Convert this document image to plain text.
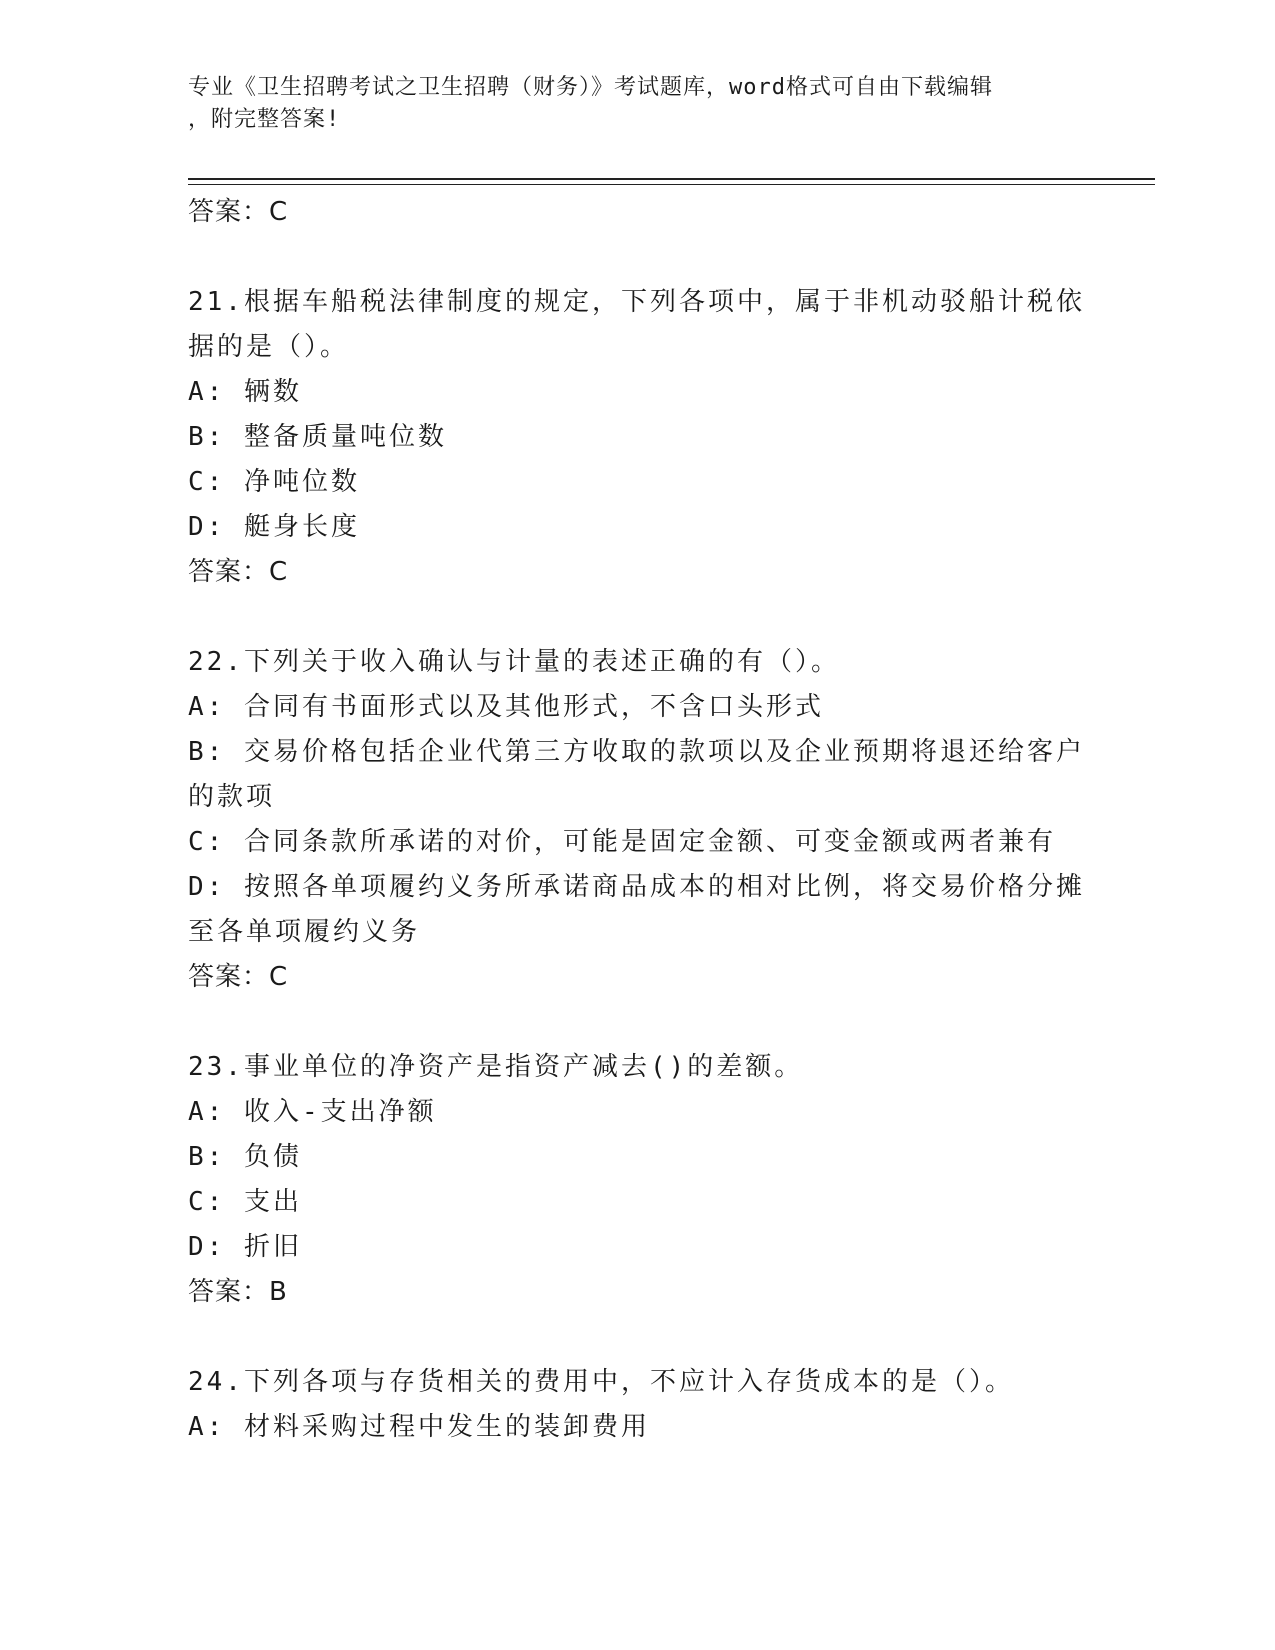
专业《卫生招聘考试之卫生招聘（财务）》考试题库，word格式可自由下载编辑
，附完整答案!
答案：C
21.根据车船税法律制度的规定，下列各项中，属于非机动驳船计税依
据的是（）。
A: 辆数
B: 整备质量吨位数
C: 净吨位数
D: 艇身长度
答案：C
22.下列关于收入确认与计量的表述正确的有（）。
A: 合同有书面形式以及其他形式，不含口头形式
B: 交易价格包括企业代第三方收取的款项以及企业预期将退还给客户
的款项
C: 合同条款所承诺的对价，可能是固定金额、可变金额或两者兼有
D: 按照各单项履约义务所承诺商品成本的相对比例，将交易价格分摊
至各单项履约义务
答案：C
23.事业单位的净资产是指资产减去()的差额。
A: 收入-支出净额
B: 负债
C: 支出
D: 折旧
答案：B
24.下列各项与存货相关的费用中，不应计入存货成本的是（）。
A: 材料采购过程中发生的装卸费用
